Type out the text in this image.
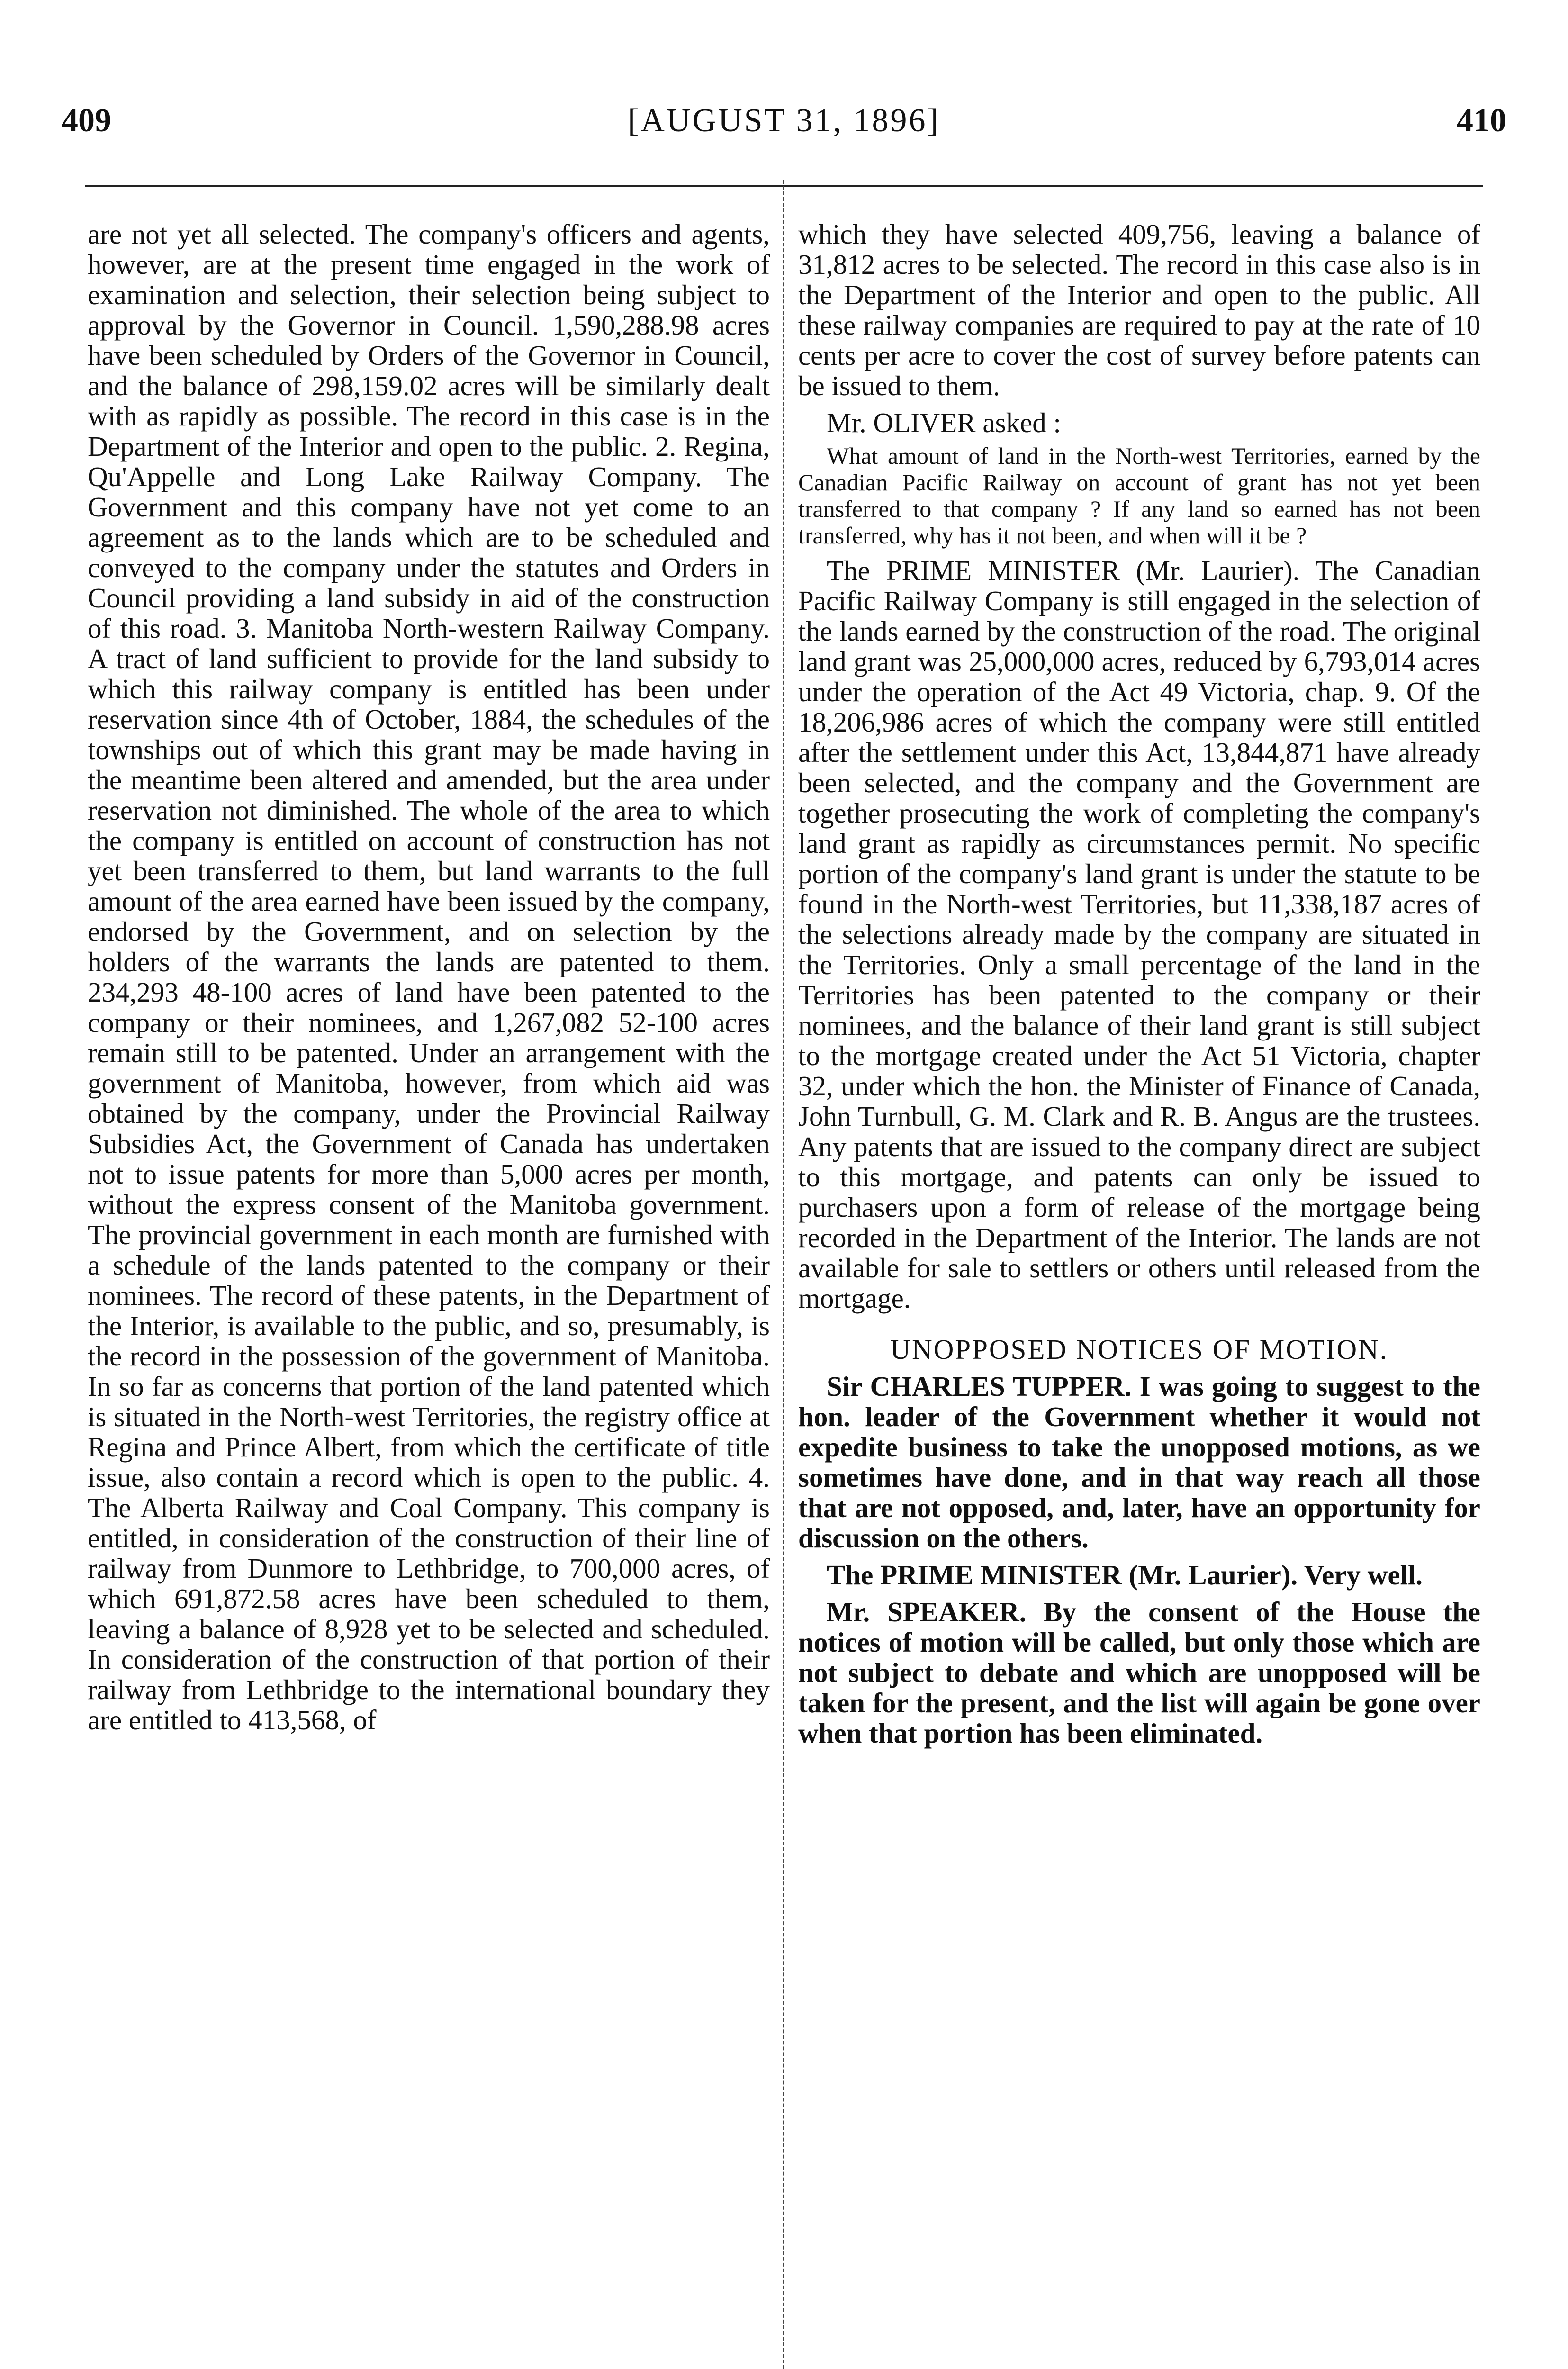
409	[AUGUST 31, 1896]	410

are not yet all selected. The company's officers and agents, however, are at the present time engaged in the work of examination and selection, their selection being subject to approval by the Governor in Council. 1,590,288.98 acres have been scheduled by Orders of the Governor in Council, and the balance of 298,159.02 acres will be similarly dealt with as rapidly as possible. The record in this case is in the Department of the Interior and open to the public. 2. Regina, Qu'Appelle and Long Lake Railway Company. The Government and this company have not yet come to an agreement as to the lands which are to be scheduled and conveyed to the company under the statutes and Orders in Council providing a land subsidy in aid of the construction of this road. 3. Manitoba North-western Railway Company. A tract of land sufficient to provide for the land subsidy to which this railway company is entitled has been under reservation since 4th of October, 1884, the schedules of the townships out of which this grant may be made having in the meantime been altered and amended, but the area under reservation not diminished. The whole of the area to which the company is entitled on account of construction has not yet been transferred to them, but land warrants to the full amount of the area earned have been issued by the company, endorsed by the Government, and on selection by the holders of the warrants the lands are patented to them. 234,293 48-100 acres of land have been patented to the company or their nominees, and 1,267,082 52-100 acres remain still to be patented. Under an arrangement with the government of Manitoba, however, from which aid was obtained by the company, under the Provincial Railway Subsidies Act, the Government of Canada has undertaken not to issue patents for more than 5,000 acres per month, without the express consent of the Manitoba government. The provincial government in each month are furnished with a schedule of the lands patented to the company or their nominees. The record of these patents, in the Department of the Interior, is available to the public, and so, presumably, is the record in the possession of the government of Manitoba. In so far as concerns that portion of the land patented which is situated in the North-west Territories, the registry office at Regina and Prince Albert, from which the certificate of title issue, also contain a record which is open to the public. 4. The Alberta Railway and Coal Company. This company is entitled, in consideration of the construction of their line of railway from Dunmore to Lethbridge, to 700,000 acres, of which 691,872.58 acres have been scheduled to them, leaving a balance of 8,928 yet to be selected and scheduled. In consideration of the construction of that portion of their railway from Lethbridge to the international boundary they are entitled to 413,568, of

which they have selected 409,756, leaving a balance of 31,812 acres to be selected. The record in this case also is in the Department of the Interior and open to the public. All these railway companies are required to pay at the rate of 10 cents per acre to cover the cost of survey before patents can be issued to them.

Mr. OLIVER asked :

What amount of land in the North-west Territories, earned by the Canadian Pacific Railway on account of grant has not yet been transferred to that company ? If any land so earned has not been transferred, why has it not been, and when will it be ?

The PRIME MINISTER (Mr. Laurier). The Canadian Pacific Railway Company is still engaged in the selection of the lands earned by the construction of the road. The original land grant was 25,000,000 acres, reduced by 6,793,014 acres under the operation of the Act 49 Victoria, chap. 9. Of the 18,206,986 acres of which the company were still entitled after the settlement under this Act, 13,844,871 have already been selected, and the company and the Government are together prosecuting the work of completing the company's land grant as rapidly as circumstances permit. No specific portion of the company's land grant is under the statute to be found in the North-west Territories, but 11,338,187 acres of the selections already made by the company are situated in the Territories. Only a small percentage of the land in the Territories has been patented to the company or their nominees, and the balance of their land grant is still subject to the mortgage created under the Act 51 Victoria, chapter 32, under which the hon. the Minister of Finance of Canada, John Turnbull, G. M. Clark and R. B. Angus are the trustees. Any patents that are issued to the company direct are subject to this mortgage, and patents can only be issued to purchasers upon a form of release of the mortgage being recorded in the Department of the Interior. The lands are not available for sale to settlers or others until released from the mortgage.

UNOPPOSED NOTICES OF MOTION.

Sir CHARLES TUPPER. I was going to suggest to the hon. leader of the Government whether it would not expedite business to take the unopposed motions, as we sometimes have done, and in that way reach all those that are not opposed, and, later, have an opportunity for discussion on the others.

The PRIME MINISTER (Mr. Laurier). Very well.

Mr. SPEAKER. By the consent of the House the notices of motion will be called, but only those which are not subject to debate and which are unopposed will be taken for the present, and the list will again be gone over when that portion has been eliminated.
